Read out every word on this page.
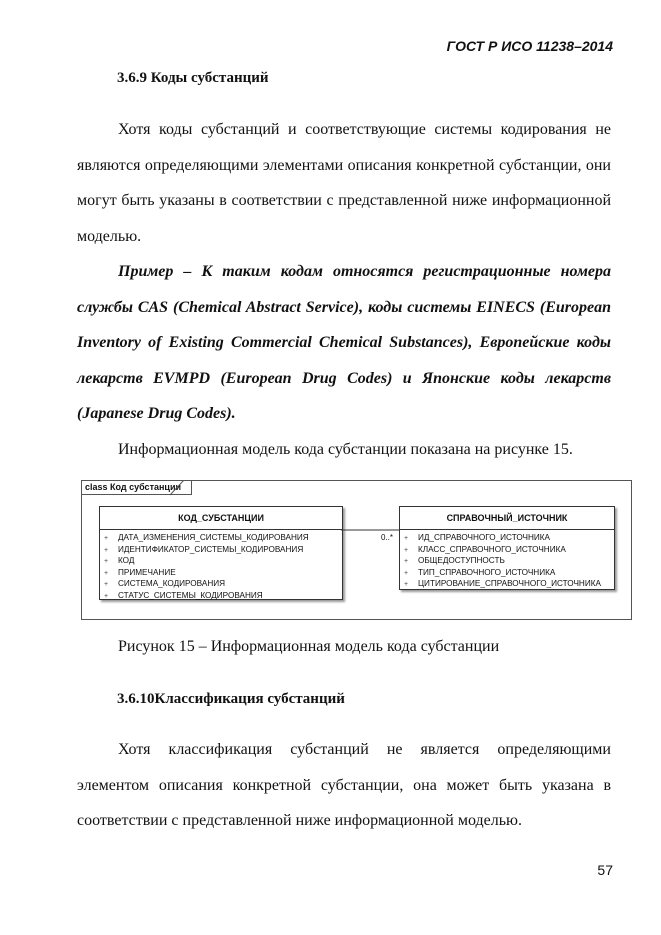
ГОСТ Р ИСО 11238–2014
3.6.9 Коды субстанций

Хотя коды субстанций и соответствующие системы кодирования не являются определяющими элементами описания конкретной субстанции, они могут быть указаны в соответствии с представленной ниже информационной моделью.

Пример – К таким кодам относятся регистрационные номера службы CAS (Chemical Abstract Service), коды системы EINECS (European Inventory of Existing Commercial Chemical Substances), Европейские коды лекарств EVMPD (European Drug Codes) и Японские коды лекарств (Japanese Drug Codes).

Информационная модель кода субстанции показана на рисунке 15.

class Код субстанции
КОД_СУБСТАНЦИИ
+ ДАТА_ИЗМЕНЕНИЯ_СИСТЕМЫ_КОДИРОВАНИЯ
+ ИДЕНТИФИКАТОР_СИСТЕМЫ_КОДИРОВАНИЯ
+ КОД
+ ПРИМЕЧАНИЕ
+ СИСТЕМА_КОДИРОВАНИЯ
+ СТАТУС_СИСТЕМЫ_КОДИРОВАНИЯ
СПРАВОЧНЫЙ_ИСТОЧНИК
+ ИД_СПРАВОЧНОГО_ИСТОЧНИКА
+ КЛАСС_СПРАВОЧНОГО_ИСТОЧНИКА
+ ОБЩЕДОСТУПНОСТЬ
+ ТИП_СПРАВОЧНОГО_ИСТОЧНИКА
+ ЦИТИРОВАНИЕ_СПРАВОЧНОГО_ИСТОЧНИКА
0..*
Рисунок 15 – Информационная модель кода субстанции
3.6.10Классификация субстанций

Хотя классификация субстанций не является определяющими элементом описания конкретной субстанции, она может быть указана в соответствии с представленной ниже информационной моделью.

57
